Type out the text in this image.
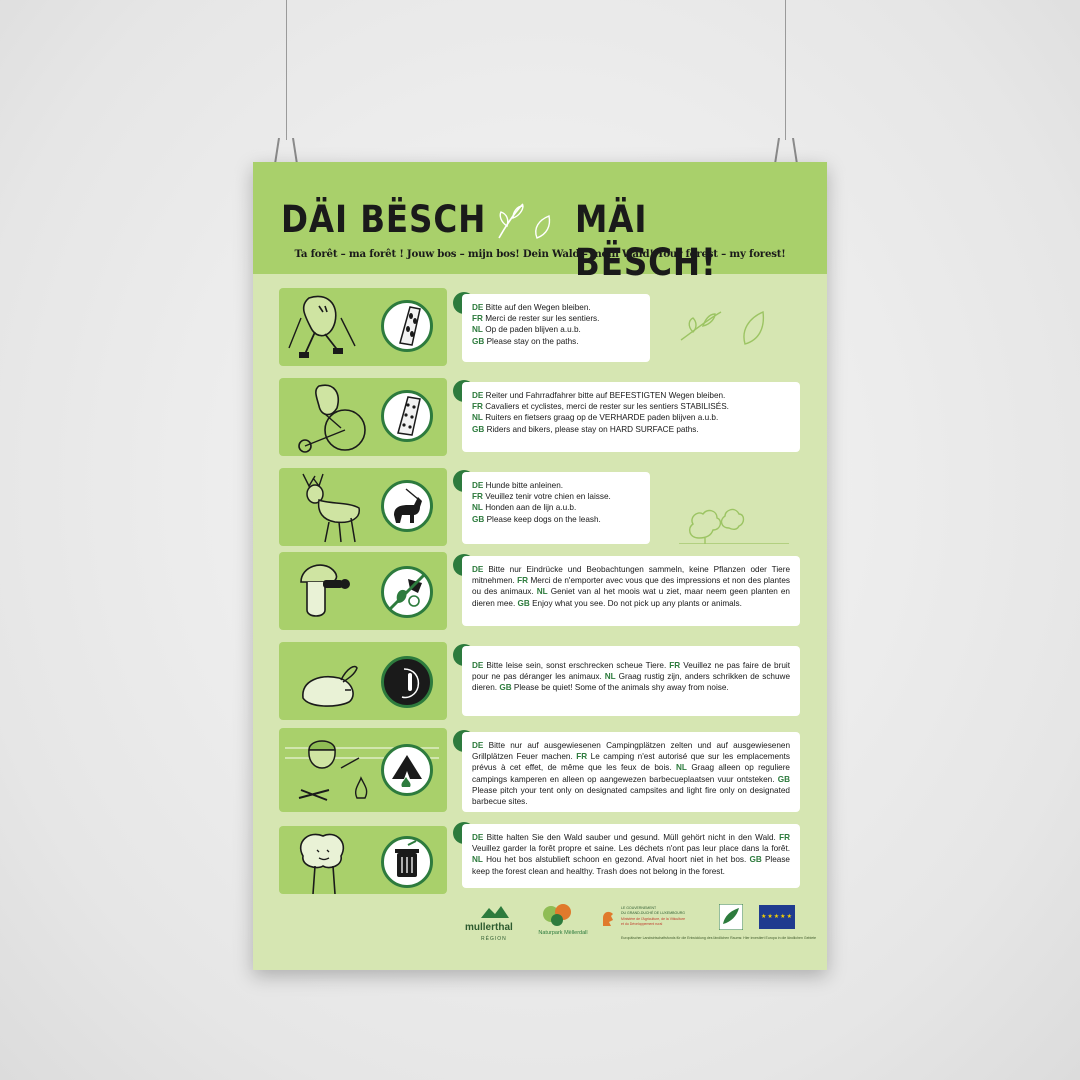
DÄI BËSCH MÄI BËSCH!
Ta forêt – ma forêt ! Jouw bos – mijn bos! Dein Wald – mein Wald! Your forest – my forest!
DE Bitte auf den Wegen bleiben.
FR Merci de rester sur les sentiers.
NL Op de paden blijven a.u.b.
GB Please stay on the paths.
DE Reiter und Fahrradfahrer bitte auf BEFESTIGTEN Wegen bleiben.
FR Cavaliers et cyclistes, merci de rester sur les sentiers STABILISÉS.
NL Ruiters en fietsers graag op de VERHARDE paden blijven a.u.b.
GB Riders and bikers, please stay on HARD SURFACE paths.
DE Hunde bitte anleinen.
FR Veuillez tenir votre chien en laisse.
NL Honden aan de lijn a.u.b.
GB Please keep dogs on the leash.
DE Bitte nur Eindrücke und Beobachtungen sammeln, keine Pflanzen oder Tiere mitnehmen. FR Merci de n'emporter avec vous que des impressions et non des plantes ou des animaux. NL Geniet van al het moois wat u ziet, maar neem geen planten en dieren mee. GB Enjoy what you see. Do not pick up any plants or animals.
DE Bitte leise sein, sonst erschrecken scheue Tiere. FR Veuillez ne pas faire de bruit pour ne pas déranger les animaux. NL Graag rustig zijn, anders schrikken de schuwe dieren. GB Please be quiet! Some of the animals shy away from noise.
DE Bitte nur auf ausgewiesenen Campingplätzen zelten und auf ausgewiesenen Grillplätzen Feuer machen. FR Le camping n'est autorisé que sur les emplacements prévus à cet effet, de même que les feux de bois. NL Graag alleen op reguliere campings kamperen en alleen op aangewezen barbecueplaatsen vuur ontsteken. GB Please pitch your tent only on designated campsites and light fire only on designated barbecue sites.
DE Bitte halten Sie den Wald sauber und gesund. Müll gehört nicht in den Wald. FR Veuillez garder la forêt propre et saine. Les déchets n'ont pas leur place dans la forêt. NL Hou het bos alstublieft schoon en gezond. Afval hoort niet in het bos. GB Please keep the forest clean and healthy. Trash does not belong in the forest.
mullerthal
RÉGION
Naturpark Mëllerdall
LE GOUVERNEMENT
DU GRAND-DUCHÉ DE LUXEMBOURG
Ministère de l'Agriculture, de la Viticulture
et du Développement rural
★★★★★
Europäischer Landwirtschaftsfonds für die Entwicklung des ländlichen Raums: Hier investiert Europa in die ländlichen Gebiete
